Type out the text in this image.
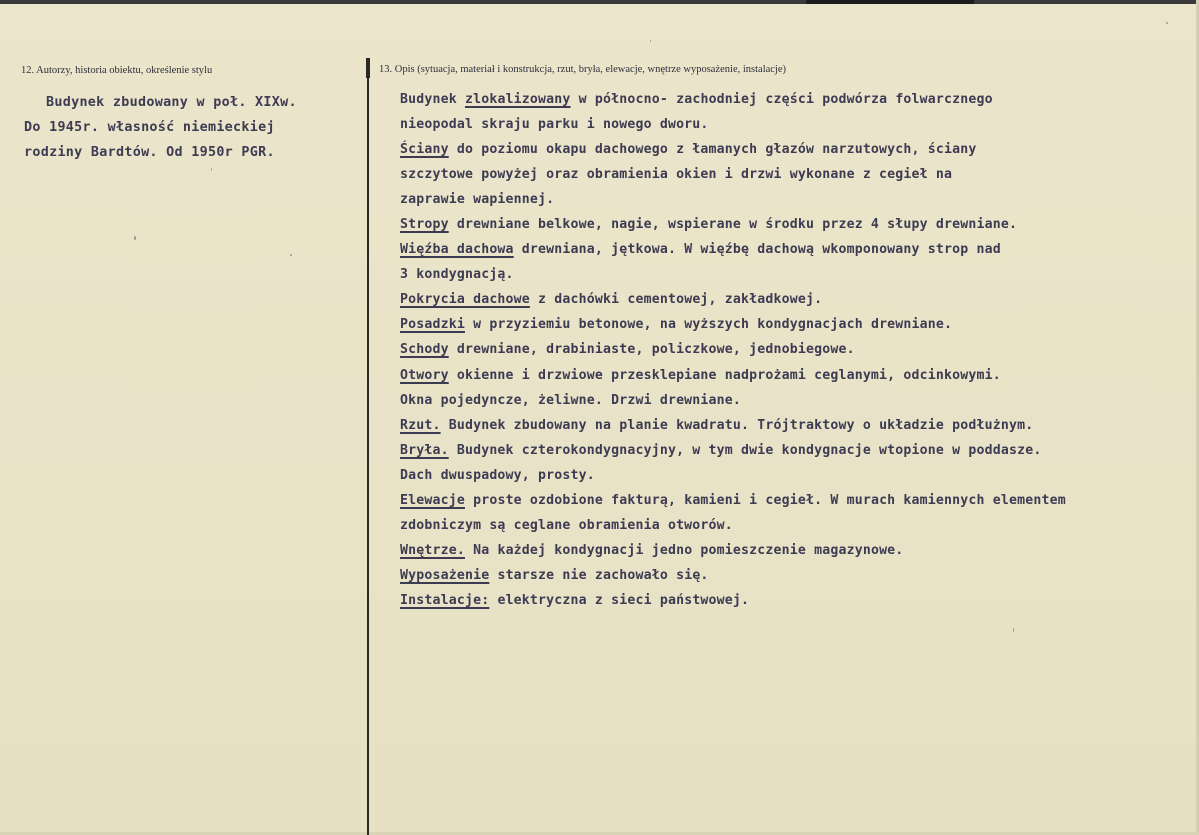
12. Autorzy, historia obiektu, określenie stylu	13. Opis (sytuacja, materiał i konstrukcja, rzut, bryła, elewacje, wnętrze wyposażenie, instalacje)
Budynek zbudowany w poł. XIXw.
Do 1945r. własność niemieckiej
rodziny Bardtów. Od 1950r PGR.
Budynek zlokalizowany w północno- zachodniej części podwórza folwarcznego
nieopodal skraju parku i nowego dworu.
Ściany do poziomu okapu dachowego z łamanych głazów narzutowych, ściany
szczytowe powyżej oraz obramienia okien i drzwi wykonane z cegieł na
zaprawie wapiennej.
Stropy drewniane belkowe, nagie, wspierane w środku przez 4 słupy drewniane.
Więźba dachowa drewniana, jętkowa. W więźbę dachową wkomponowany strop nad
3 kondygnacją.
Pokrycia dachowe z dachówki cementowej, zakładkowej.
Posadzki w przyziemiu betonowe, na wyższych kondygnacjach drewniane.
Schody drewniane, drabiniaste, policzkowe, jednobiegowe.
Otwory okienne i drzwiowe przesklepiane nadprożami ceglanymi, odcinkowymi.
Okna pojedyncze, żeliwne. Drzwi drewniane.
Rzut. Budynek zbudowany na planie kwadratu. Trójtraktowy o układzie podłużnym.
Bryła. Budynek czterokondygnacyjny, w tym dwie kondygnacje wtopione w poddasze.
Dach dwuspadowy, prosty.
Elewacje proste ozdobione fakturą, kamieni i cegieł. W murach kamiennych elementem
zdobniczym są ceglane obramienia otworów.
Wnętrze. Na każdej kondygnacji jedno pomieszczenie magazynowe.
Wyposażenie starsze nie zachowało się.
Instalacje: elektryczna z sieci państwowej.
